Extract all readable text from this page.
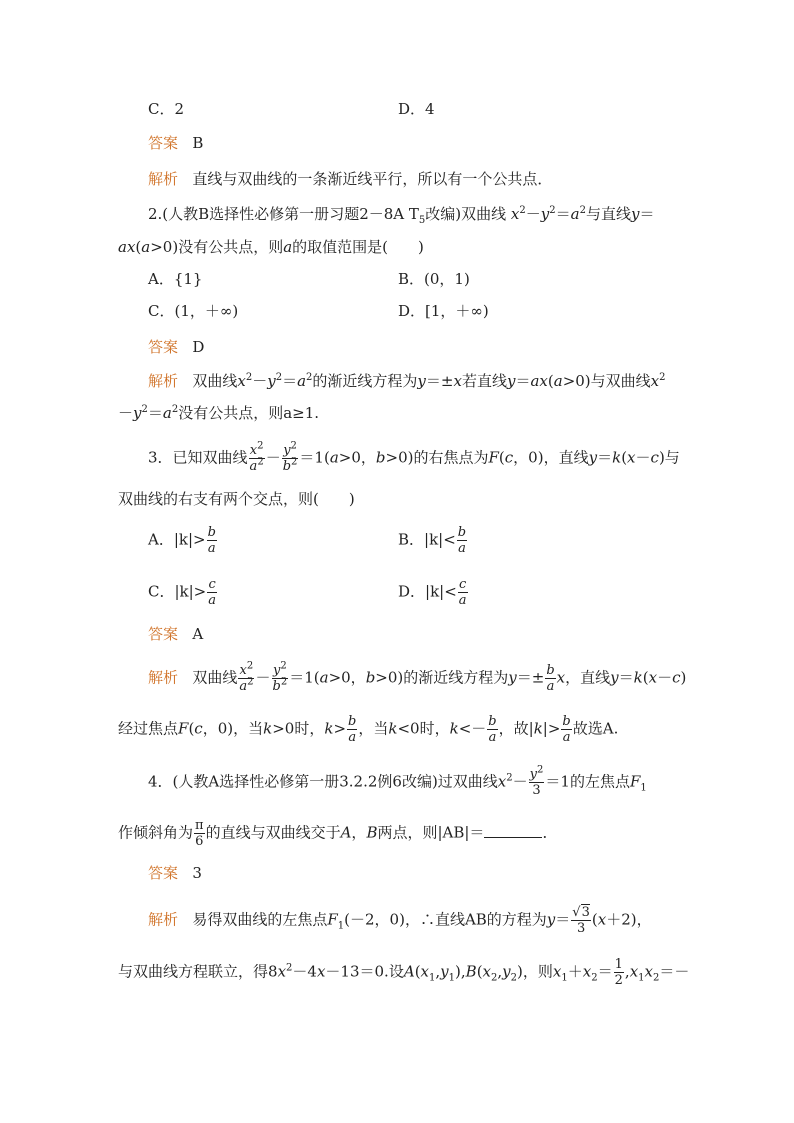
C．2	D．4
答案 B
解析 直线与双曲线的一条渐近线平行，所以有一个公共点．
2.(人教B选择性必修第一册习题2－8A $T_5$改编)双曲线 $x^2-y^2=a^2$与直线y＝
ax(a>0)没有公共点，则a的取值范围是(　　)
A．{1}	B．(0，1)
C．(1，＋∞)	D．[1，＋∞)
答案 D
解析 双曲线$x^2-y^2=a^2$的渐近线方程为y＝±x若直线y＝ax(a>0)与双曲线$x^2$
$-y^2=a^2$没有公共点，则a≥1.
3．已知双曲线 $\frac{x^2}{a^2} - \frac{y^2}{b^2} =1(a>0$，b>0)的右焦点为F(c，0)，直线y＝k(x－c)与
双曲线的右支有两个交点，则(　　)
A．$|k|> \frac{b}{a}$	B．$|k|< \frac{b}{a}$
C．$|k|> \frac{c}{a}$	D．$|k|< \frac{c}{a}$
答案 A
解析 双曲线 $\frac{x^2}{a^2} - \frac{y^2}{b^2} =1(a>0$，b>0)的渐近线方程为$y=\pm \frac{b}{a}$ x，直线y＝k(x－c)
经过焦点F(c，0)，当k>0时，$k> \frac{b}{a}$ ，当k<0时，$k<- \frac{b}{a}$ ，故$|k|> \frac{b}{a}$ 故选A.
4．(人教A选择性必修第一册3.2.2例6改编)过双曲线$x^2- \frac{y^2}{3} =1$的左焦点$F_1$
作倾斜角为 $\frac{\pi}{6}$ 的直线与双曲线交于A，B两点，则|AB|＝	．
答案 3
解析 易得双曲线的左焦点$F_1(-2$，0)，∴直线AB的方程为$y= \frac{√3}{3} (x+2)$，
与双曲线方程联立，得$8x^2-4x-13=0$.设$A(x_1,y_1),B(x_2,y_2)$，则$x_1+x_2= \frac{1}{2} ,x_1x_2=-$
